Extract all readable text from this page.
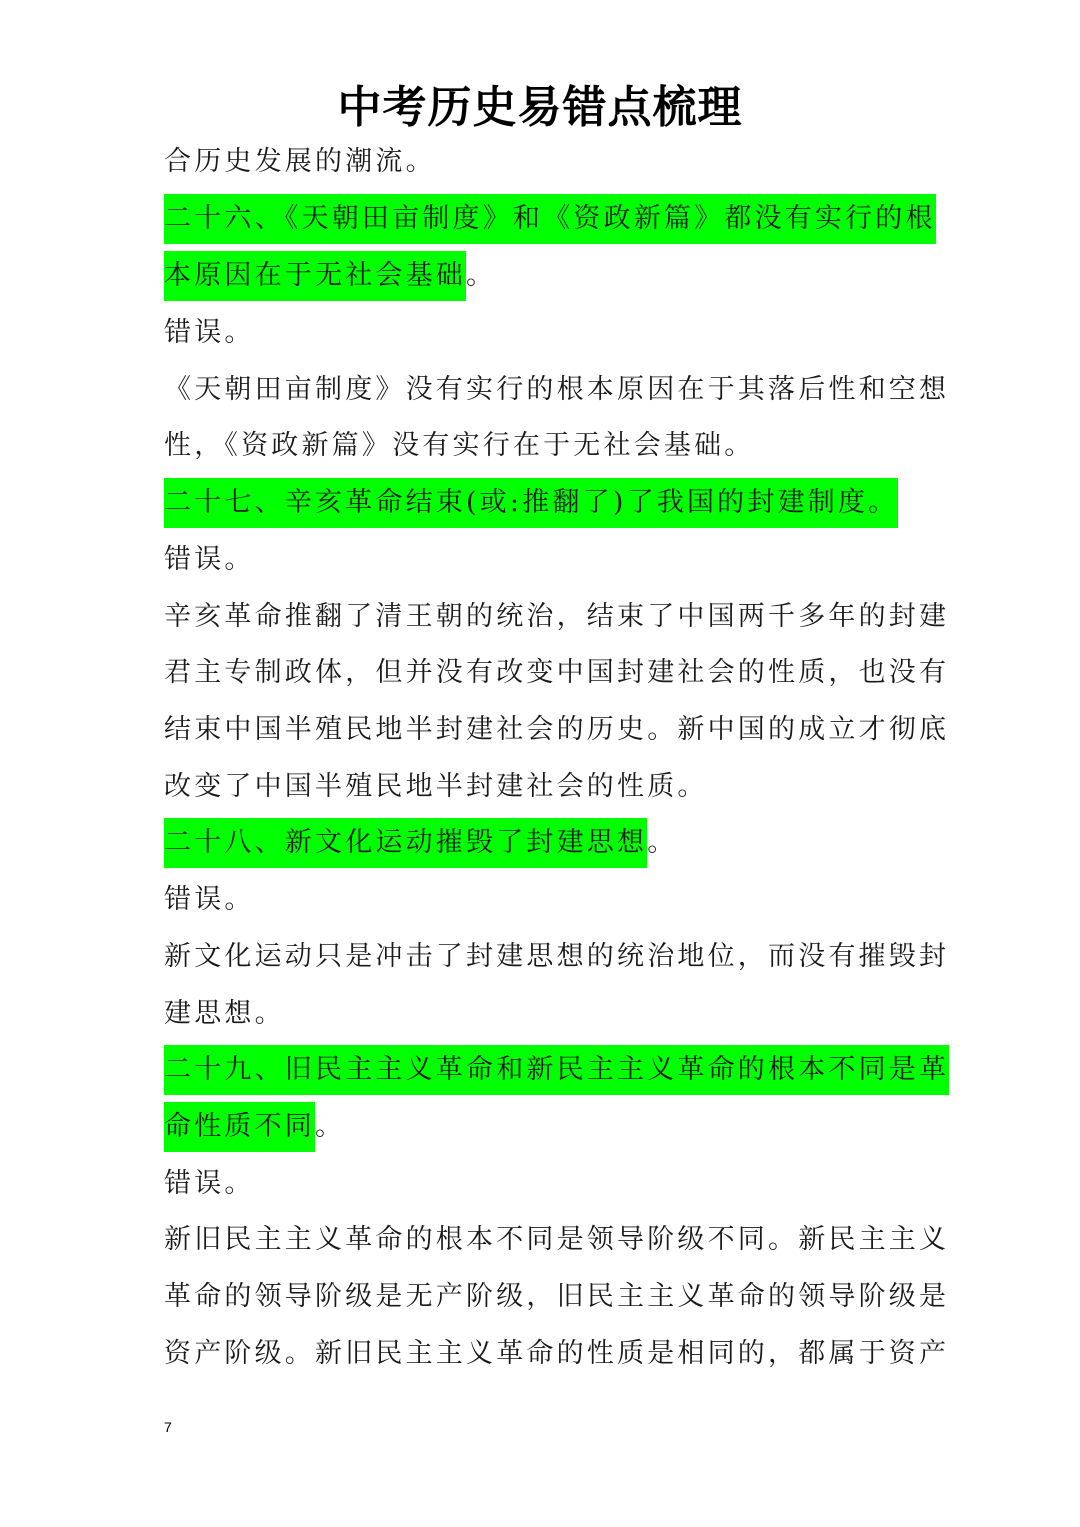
中考历史易错点梳理
合历史发展的潮流。
二十六、《天朝田亩制度》和《资政新篇》都没有实行的根
本原因在于无社会基础。
错误。
《天朝田亩制度》没有实行的根本原因在于其落后性和空想
性，《资政新篇》没有实行在于无社会基础。
二十七、辛亥革命结束(或:推翻了)了我国的封建制度。
错误。
辛亥革命推翻了清王朝的统治，结束了中国两千多年的封建
君主专制政体，但并没有改变中国封建社会的性质，也没有
结束中国半殖民地半封建社会的历史。新中国的成立才彻底
改变了中国半殖民地半封建社会的性质。
二十八、新文化运动摧毁了封建思想。
错误。
新文化运动只是冲击了封建思想的统治地位，而没有摧毁封
建思想。
二十九、旧民主主义革命和新民主主义革命的根本不同是革
命性质不同。
错误。
新旧民主主义革命的根本不同是领导阶级不同。新民主主义
革命的领导阶级是无产阶级，旧民主主义革命的领导阶级是
资产阶级。新旧民主主义革命的性质是相同的，都属于资产
7
